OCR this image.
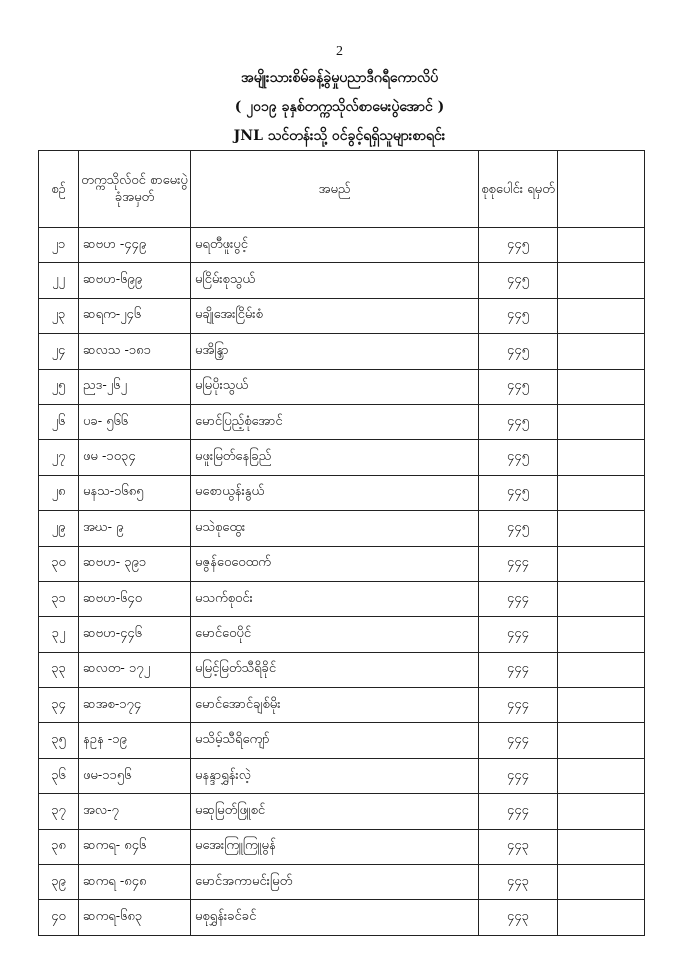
2
အမျိုးသားစိမ်ခန့်ခွဲမှုပညာဒီဂရီကောလိပ်
( ၂၀၁၉ ခုနှစ်တက္ကသိုလ်စာမေးပွဲအောင် )
JNL သင်တန်းသို့ ဝင်ခွင့်ရရှိသူများစာရင်း
စဉ်	တက္ကသိုလ်ဝင် စာမေးပွဲ ခုံအမှတ်	အမည်		စုစုပေါင်း ရမှတ်	
၂၁	ဆဗဟ -၄၄၉	မရတီဖူးပွင့်		၄၄၅	
၂၂	ဆဗဟ-၆၉၉	မငြိမ်းစုသွယ်		၄၄၅	
၂၃	ဆရက-၂၄၆	မချိုအေးငြိမ်းစံ		၄၄၅	
၂၄	ဆလသ -၁၈၁	မအိန္ဒြာ		၄၄၅	
၂၅	ညဒ-၂၆၂	မမြပိုးသွယ်		၄၄၅	
၂၆	ပခ- ၅၆၆	မောင်ပြည့်စုံအောင်		၄၄၅	
၂၇	ဖမ -၁၀၃၄	မဖူးမြတ်နေခြည်		၄၄၅	
၂၈	မနသ-၁၆၈၅	မစောယွန်းနွယ်		၄၄၅	
၂၉	အဃ- ၉	မသဲစုထွေး		၄၄၅	
၃၀	ဆဗဟ- ၃၉၁	မဇွန်ဝေဝေထက်		၄၄၄	
၃၁	ဆဗဟ-၆၄၀	မသက်စုဝင်း		၄၄၄	
၃၂	ဆဗဟ-၄၄၆	မောင်ဝေပိုင်		၄၄၄	
၃၃	ဆလတ- ၁၇၂	မမြင့်မြတ်သီရိခိုင်		၄၄၄	
၃၄	ဆအစ-၁၇၄	မောင်အောင်ချစ်မိုး		၄၄၄	
၃၅	နဥန -၁၉	မသိမ့်သီရိကျော်		၄၄၄	
၃၆	ဖမ-၁၁၅၆	မနန္ဒာရွှန်းလဲ့		၄၄၄	
၃၇	အလ-၇	မဆုမြတ်ဖြူစင်		၄၄၄	
၃၈	ဆကရ- ၈၄၆	မအေးကြူကြူမွန်		၄၄၃	
၃၉	ဆကရ -၈၄၈	မောင်အကာမင်းမြတ်		၄၄၃	
၄၀	ဆကရ-၆၈၃	မစုရွှန်းခင်ခင်		၄၄၃	
